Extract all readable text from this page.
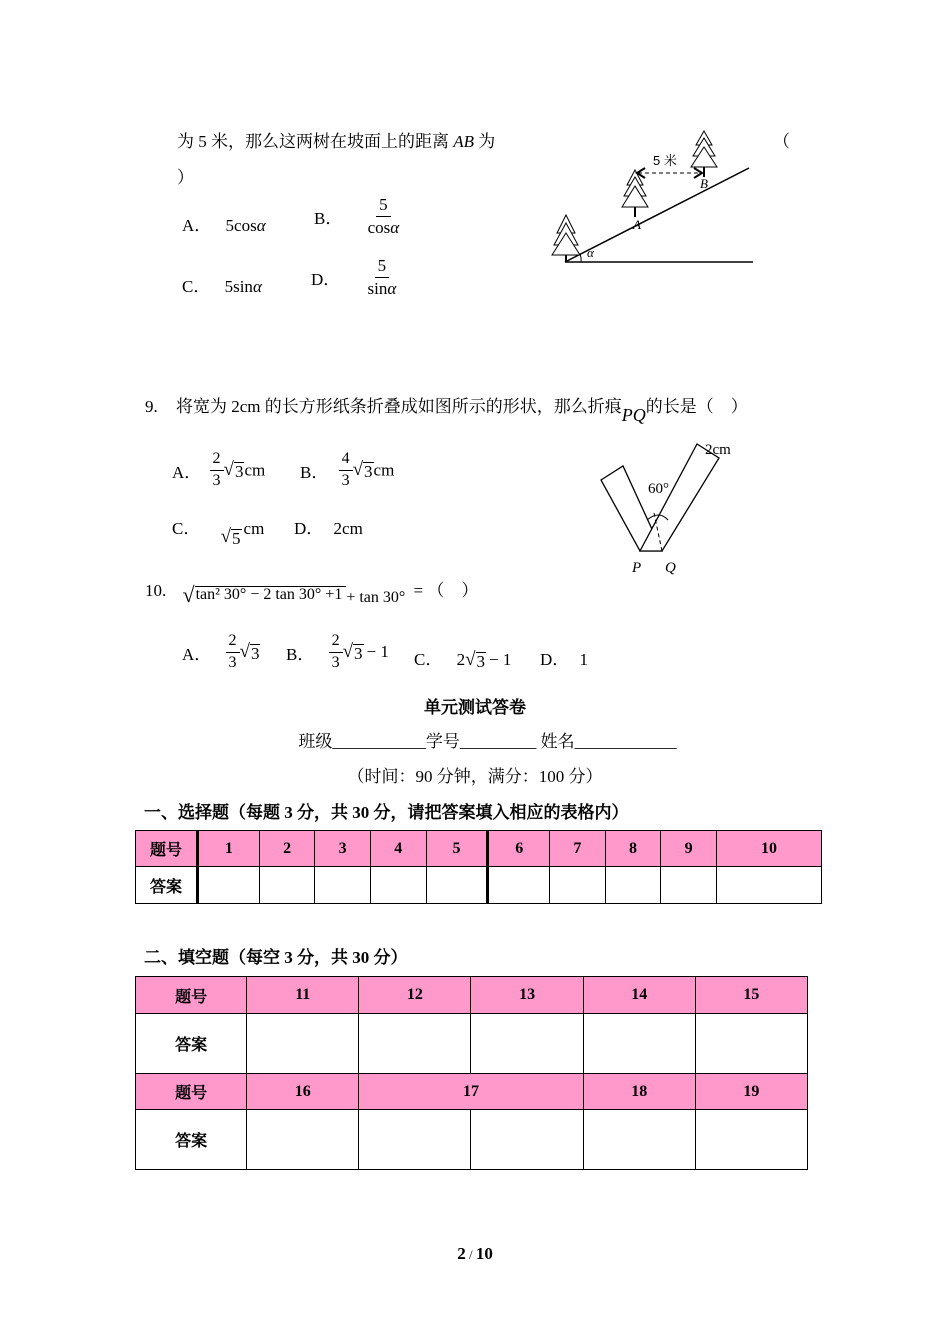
为 5 米，那么这两树在坡面上的距离 AB 为	（
）
A． 5cosα	B． $\frac{5}{\cos\alpha}$
C． 5sinα	D． $\frac{5}{\sin\alpha}$
5 米
A
B
α
9. 将宽为 2cm 的长方形纸条折叠成如图所示的形状，那么折痕PQ的长是（　）
A． $\frac{2}{3}$ √ 3 cm B． $\frac{4}{3}$ √ 3 cm
C． √ 5
cm D． 2cm
2cm
60°
P Q
10. √ tan² 30° − 2 tan 30° +1 + tan 30° = （　）
A． $\frac{2}{3}$ √ 3 B． $\frac{2}{3}$ √ 3 − 1 C． 2 √ 3 − 1 D． 1
单元测试答卷
班级___________学号_________ 姓名____________
（时间：90 分钟，满分：100 分）
一、选择题（每题 3 分，共 30 分，请把答案填入相应的表格内）
题号	1	2	3	4	5	6	7	8	9	10
答案										
二、填空题（每空 3 分，共 30 分）
题号	11	12	13	14	15
答案					
题号	16	17		18	19
答案					
2 / 10
